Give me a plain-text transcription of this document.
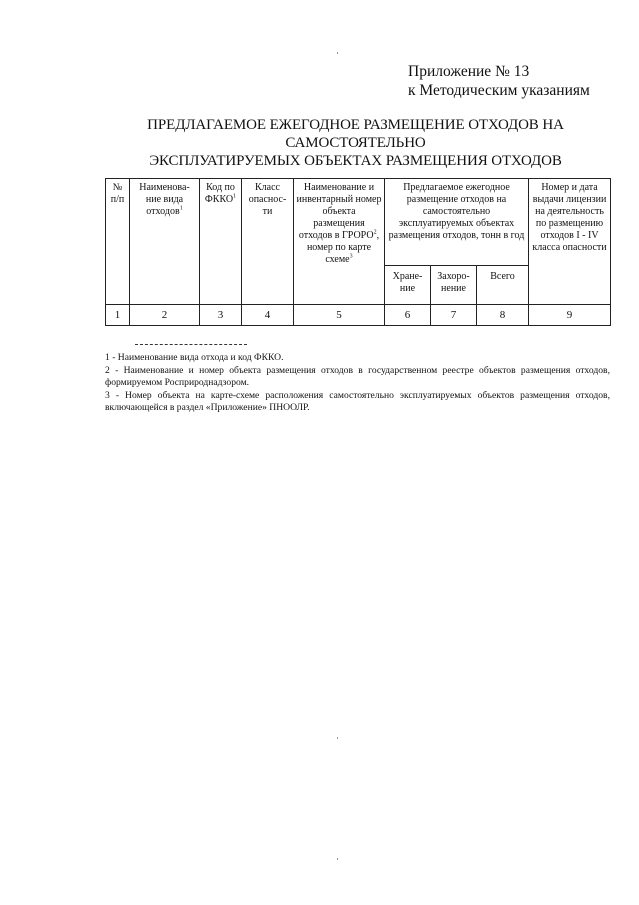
Приложение № 13
к Методическим указаниям
ПРЕДЛАГАЕМОЕ ЕЖЕГОДНОЕ РАЗМЕЩЕНИЕ ОТХОДОВ НА
САМОСТОЯТЕЛЬНО
ЭКСПЛУАТИРУЕМЫХ ОБЪЕКТАХ РАЗМЕЩЕНИЯ ОТХОДОВ
№ п/п	Наименова-ние вида отходов$^1$	Код по ФККО$^1$	Класс опаснос-ти	Наименование и инвентарный номер объекта размещения отходов в ГРОРО$^2$, номер по карте схеме$^3$	Предлагаемое ежегодное размещение отходов на самостоятельно эксплуатируемых объектах размещения отходов, тонн в год			Номер и дата выдачи лицензии на деятельность по размещению отходов I - IV класса опасности
					Хране-ние	Захоро-нение	Всего	
1	2	3	4	5	6	7	8	9

1 - Наименование вида отхода и код ФККО.

2 - Наименование и номер объекта размещения отходов в государственном реестре объектов размещения отходов, формируемом Росприроднадзором.

3 - Номер объекта на карте-схеме расположения самостоятельно эксплуатируемых объектов размещения отходов, включающейся в раздел «Приложение» ПНООЛР.
